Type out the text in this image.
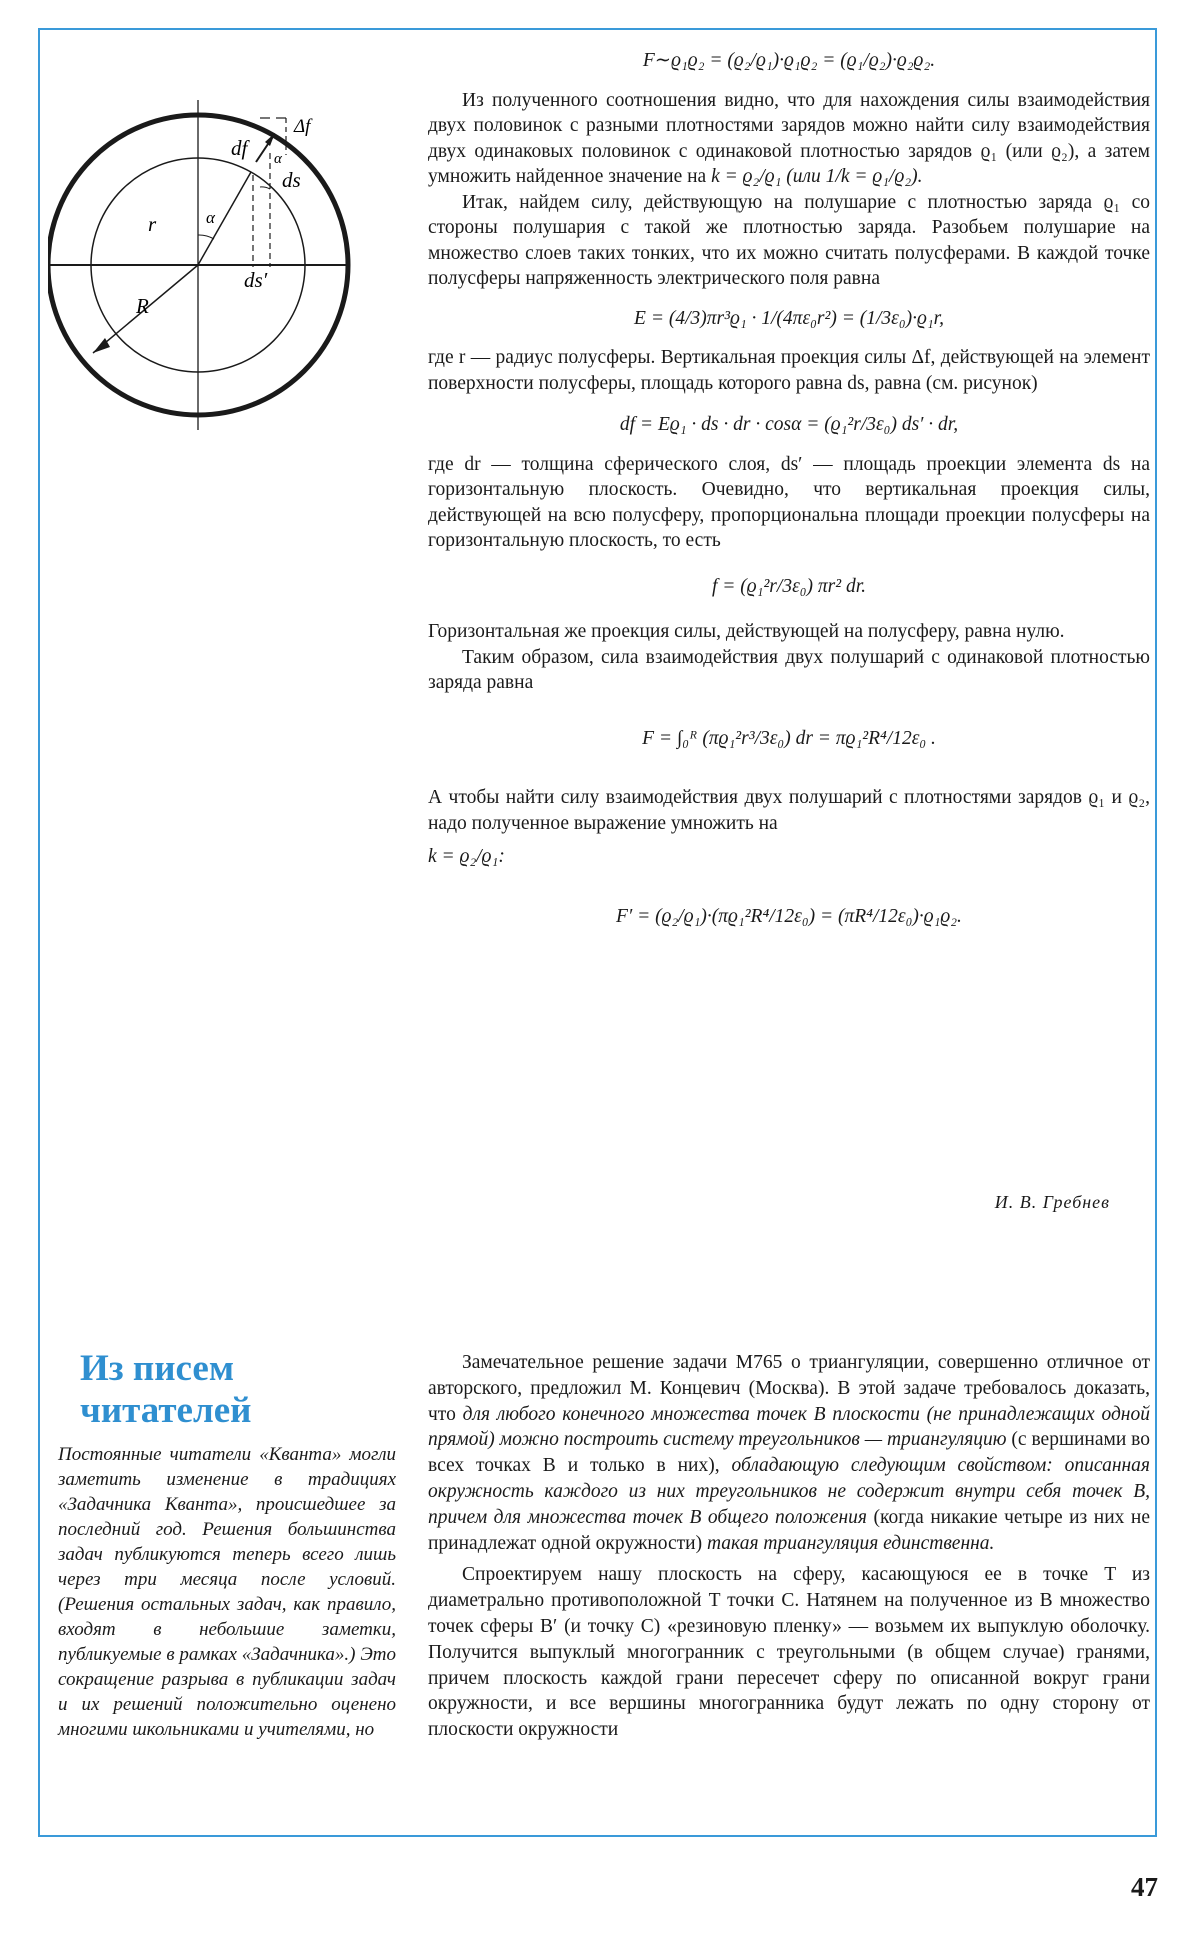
Δf
df α
ds
α
r
ds′
R
F∼ϱ₁ϱ₂ = (ϱ₂/ϱ₁)·ϱ₁ϱ₂ = (ϱ₁/ϱ₂)·ϱ₂ϱ₂.

Из полученного соотношения видно, что для нахождения силы взаимодействия двух половинок с разными плотностями зарядов можно найти силу взаимодействия двух одинаковых половинок с одинаковой плотностью зарядов ϱ₁ (или ϱ₂), а затем умножить найденное значение на k = ϱ₂/ϱ₁ (или 1/k = ϱ₁/ϱ₂).

Итак, найдем силу, действующую на полушарие с плотностью заряда ϱ₁ со стороны полушария с такой же плотностью заряда. Разобьем полушарие на множество слоев таких тонких, что их можно считать полусферами. В каждой точке полусферы напряженность электрического поля равна

E = (4/3)πr³ϱ₁ · 1/(4πε₀r²) = (1/3ε₀)·ϱ₁r,

где r — радиус полусферы. Вертикальная проекция силы Δf, действующей на элемент поверхности полусферы, площадь которого равна ds, равна (см. рисунок)

df = Eϱ₁ · ds · dr · cosα = (ϱ₁²r/3ε₀) ds′ · dr,

где dr — толщина сферического слоя, ds′ — площадь проекции элемента ds на горизонтальную плоскость. Очевидно, что вертикальная проекция силы, действующей на всю полусферу, пропорциональна площади проекции полусферы на горизонтальную плоскость, то есть

f = (ϱ₁²r/3ε₀) πr² dr.

Горизонтальная же проекция силы, действующей на полусферу, равна нулю.

Таким образом, сила взаимодействия двух полушарий с одинаковой плотностью заряда равна

F = ∫₀ᴿ (πϱ₁²r³/3ε₀) dr = πϱ₁²R⁴/12ε₀ .

А чтобы найти силу взаимодействия двух полушарий с плотностями зарядов ϱ₁ и ϱ₂, надо полученное выражение умножить на

k = ϱ₂/ϱ₁:
F′ = (ϱ₂/ϱ₁)·(πϱ₁²R⁴/12ε₀) = (πR⁴/12ε₀)·ϱ₁ϱ₂.
И. В. Гребнев
Из писем читателей
Постоянные читатели «Кванта» могли заметить изменение в традициях «Задачника Кванта», происшедшее за последний год. Решения большинства задач публикуются теперь всего лишь через три месяца после условий. (Решения остальных задач, как правило, входят в небольшие заметки, публикуемые в рамках «Задачника».) Это сокращение разрыва в публикации задач и их решений положительно оценено многими школьниками и учителями, но

Замечательное решение задачи М765 о триангуляции, совершенно отличное от авторского, предложил М. Концевич (Москва). В этой задаче требовалось доказать, что для любого конечного множества точек B плоскости (не принадлежащих одной прямой) можно построить систему треугольников — триангуляцию (с вершинами во всех точках B и только в них), обладающую следующим свойством: описанная окружность каждого из них треугольников не содержит внутри себя точек B, причем для множества точек B общего положения (когда никакие четыре из них не принадлежат одной окружности) такая триангуляция единственна.

Спроектируем нашу плоскость на сферу, касающуюся ее в точке T из диаметрально противоположной T точки C. Натянем на полученное из B множество точек сферы B′ (и точку C) «резиновую пленку» — возьмем их выпуклую оболочку. Получится выпуклый многогранник с треугольными (в общем случае) гранями, причем плоскость каждой грани пересечет сферу по описанной вокруг грани окружности, и все вершины многогранника будут лежать по одну сторону от плоскости окружности

47
